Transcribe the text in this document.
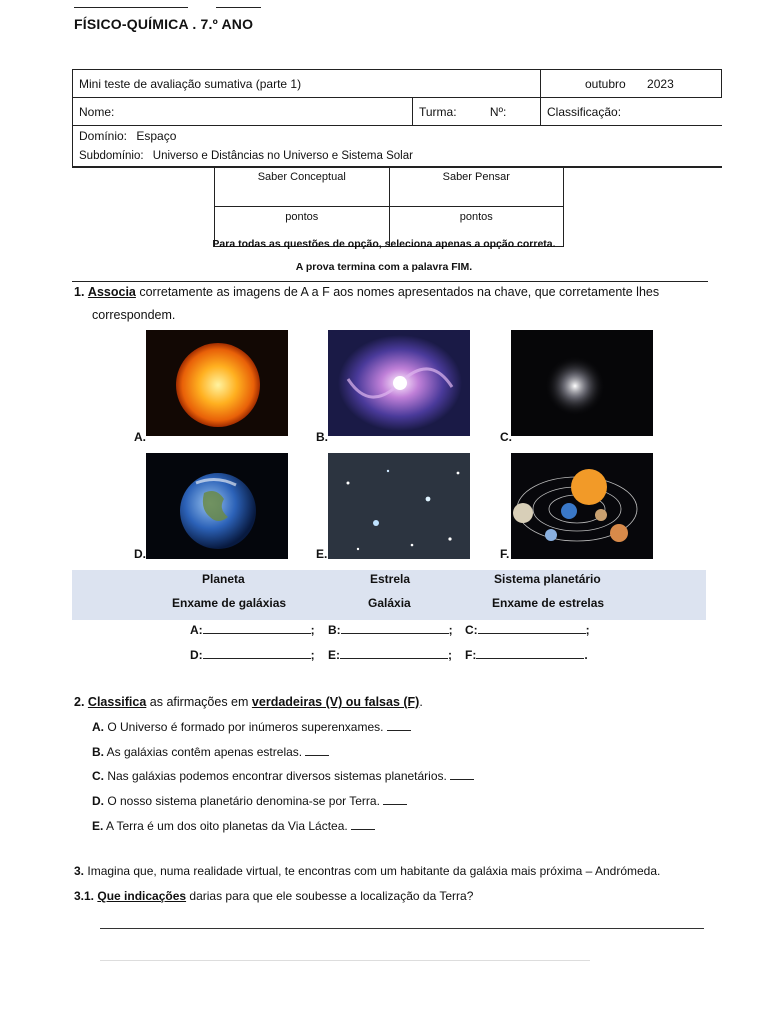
FÍSICO-QUÍMICA . 7.º ANO
Mini teste de avaliação sumativa (parte 1)		outubro 2023
Nome:	Turma: Nº:	Classificação:
Domínio: Espaço		
Subdomínio: Universo e Distâncias no Universo e Sistema Solar		
Saber Conceptual	Saber Pensar
pontos	pontos
Para todas as questões de opção, seleciona apenas a opção correta.
A prova termina com a palavra FIM.
1. Associa corretamente as imagens de A a F aos nomes apresentados na chave, que corretamente lhes
correspondem.
A.	B.	C.
D.	E.	F.
Planeta	Estrela	Sistema planetário
Enxame de galáxias	Galáxia	Enxame de estrelas
A:	; B:	; C:	;
D:	; E:	; F:	.
2. Classifica as afirmações em verdadeiras (V) ou falsas (F).
A. O Universo é formado por inúmeros superenxames.
B. As galáxias contêm apenas estrelas.
C. Nas galáxias podemos encontrar diversos sistemas planetários.
D. O nosso sistema planetário denomina-se por Terra.
E. A Terra é um dos oito planetas da Via Láctea.
3. Imagina que, numa realidade virtual, te encontras com um habitante da galáxia mais próxima – Andrómeda.
3.1. Que indicações darias para que ele soubesse a localização da Terra?
